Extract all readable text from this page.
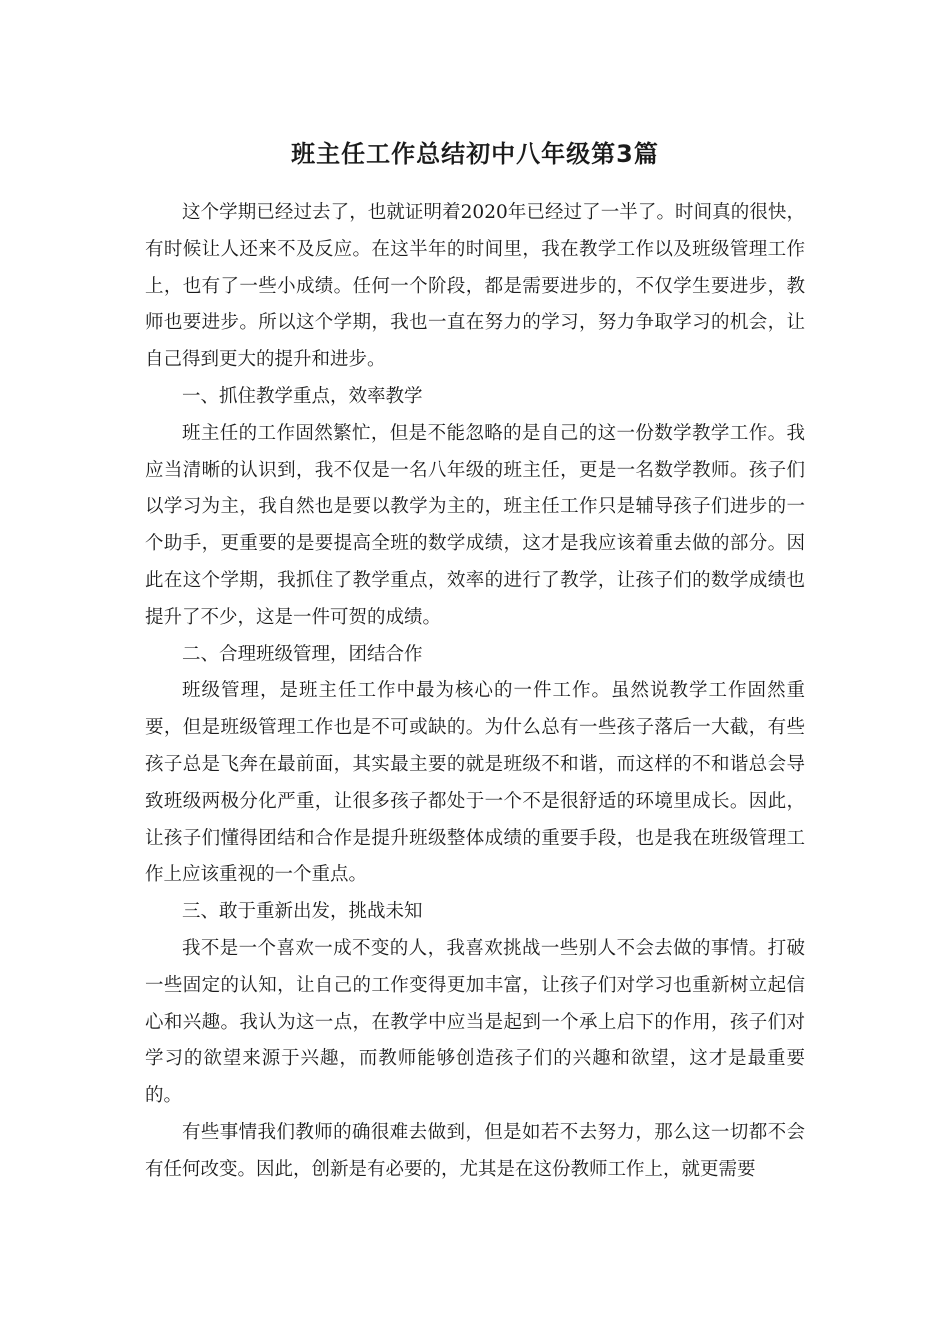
班主任工作总结初中八年级第3篇

这个学期已经过去了，也就证明着2020年已经过了一半了。时间真的很快，有时候让人还来不及反应。在这半年的时间里，我在教学工作以及班级管理工作上，也有了一些小成绩。任何一个阶段，都是需要进步的，不仅学生要进步，教师也要进步。所以这个学期，我也一直在努力的学习，努力争取学习的机会，让自己得到更大的提升和进步。

一、抓住教学重点，效率教学

班主任的工作固然繁忙，但是不能忽略的是自己的这一份数学教学工作。我应当清晰的认识到，我不仅是一名八年级的班主任，更是一名数学教师。孩子们以学习为主，我自然也是要以教学为主的，班主任工作只是辅导孩子们进步的一个助手，更重要的是要提高全班的数学成绩，这才是我应该着重去做的部分。因此在这个学期，我抓住了教学重点，效率的进行了教学，让孩子们的数学成绩也提升了不少，这是一件可贺的成绩。

二、合理班级管理，团结合作

班级管理，是班主任工作中最为核心的一件工作。虽然说教学工作固然重要，但是班级管理工作也是不可或缺的。为什么总有一些孩子落后一大截，有些孩子总是飞奔在最前面，其实最主要的就是班级不和谐，而这样的不和谐总会导致班级两极分化严重，让很多孩子都处于一个不是很舒适的环境里成长。因此，让孩子们懂得团结和合作是提升班级整体成绩的重要手段，也是我在班级管理工作上应该重视的一个重点。

三、敢于重新出发，挑战未知

我不是一个喜欢一成不变的人，我喜欢挑战一些别人不会去做的事情。打破一些固定的认知，让自己的工作变得更加丰富，让孩子们对学习也重新树立起信心和兴趣。我认为这一点，在教学中应当是起到一个承上启下的作用，孩子们对学习的欲望来源于兴趣，而教师能够创造孩子们的兴趣和欲望，这才是最重要的。

有些事情我们教师的确很难去做到，但是如若不去努力，那么这一切都不会有任何改变。因此，创新是有必要的，尤其是在这份教师工作上，就更需要
